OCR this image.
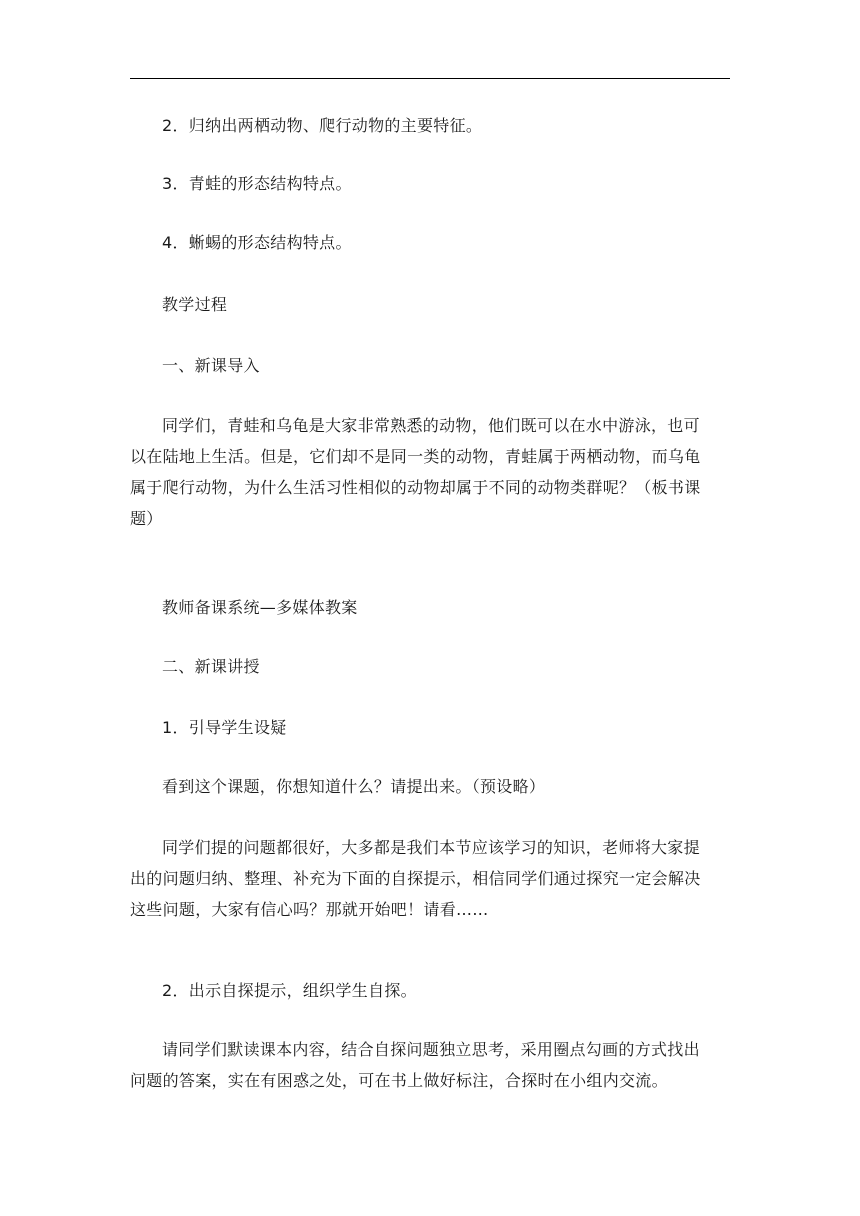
2．归纳出两栖动物、爬行动物的主要特征。
3．青蛙的形态结构特点。
4．蜥蜴的形态结构特点。
教学过程
一、新课导入
同学们，青蛙和乌龟是大家非常熟悉的动物，他们既可以在水中游泳，也可
以在陆地上生活。但是，它们却不是同一类的动物，青蛙属于两栖动物，而乌龟
属于爬行动物，为什么生活习性相似的动物却属于不同的动物类群呢？（板书课
题）
教师备课系统—多媒体教案
二、新课讲授
1．引导学生设疑
看到这个课题，你想知道什么？请提出来。（预设略）
同学们提的问题都很好，大多都是我们本节应该学习的知识，老师将大家提
出的问题归纳、整理、补充为下面的自探提示，相信同学们通过探究一定会解决
这些问题，大家有信心吗？那就开始吧！请看……
2．出示自探提示，组织学生自探。
请同学们默读课本内容，结合自探问题独立思考，采用圈点勾画的方式找出
问题的答案，实在有困惑之处，可在书上做好标注，合探时在小组内交流。
